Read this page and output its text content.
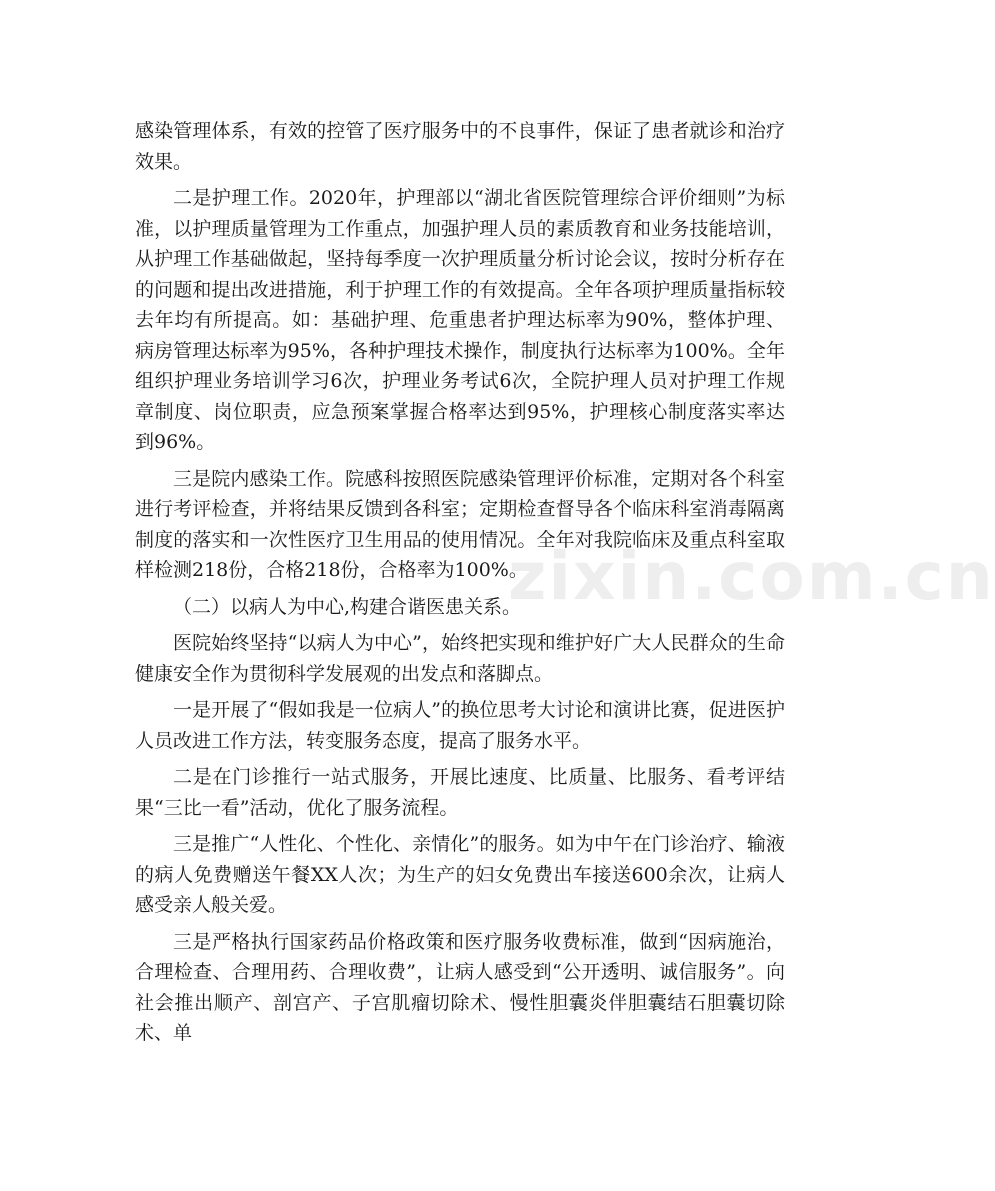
感染管理体系，有效的控管了医疗服务中的不良事件，保证了患者就诊和治疗效果。

二是护理工作。2020年，护理部以“湖北省医院管理综合评价细则”为标准，以护理质量管理为工作重点，加强护理人员的素质教育和业务技能培训，从护理工作基础做起，坚持每季度一次护理质量分析讨论会议，按时分析存在的问题和提出改进措施，利于护理工作的有效提高。全年各项护理质量指标较去年均有所提高。如：基础护理、危重患者护理达标率为90%，整体护理、病房管理达标率为95%，各种护理技术操作，制度执行达标率为100%。全年组织护理业务培训学习6次，护理业务考试6次，全院护理人员对护理工作规章制度、岗位职责，应急预案掌握合格率达到95%，护理核心制度落实率达到96%。

三是院内感染工作。院感科按照医院感染管理评价标准，定期对各个科室进行考评检查，并将结果反馈到各科室；定期检查督导各个临床科室消毒隔离制度的落实和一次性医疗卫生用品的使用情况。全年对我院临床及重点科室取样检测218份，合格218份，合格率为100%。

（二）以病人为中心,构建合谐医患关系。

医院始终坚持“以病人为中心”，始终把实现和维护好广大人民群众的生命健康安全作为贯彻科学发展观的出发点和落脚点。

一是开展了“假如我是一位病人”的换位思考大讨论和演讲比赛，促进医护人员改进工作方法，转变服务态度，提高了服务水平。

二是在门诊推行一站式服务，开展比速度、比质量、比服务、看考评结果“三比一看”活动，优化了服务流程。

三是推广“人性化、个性化、亲情化”的服务。如为中午在门诊治疗、输液的病人免费赠送午餐XX人次；为生产的妇女免费出车接送600余次，让病人感受亲人般关爱。

三是严格执行国家药品价格政策和医疗服务收费标准，做到“因病施治，合理检查、合理用药、合理收费”，让病人感受到“公开透明、诚信服务”。向社会推出顺产、剖宫产、子宫肌瘤切除术、慢性胆囊炎伴胆囊结石胆囊切除术、单

zixin.com.cn
